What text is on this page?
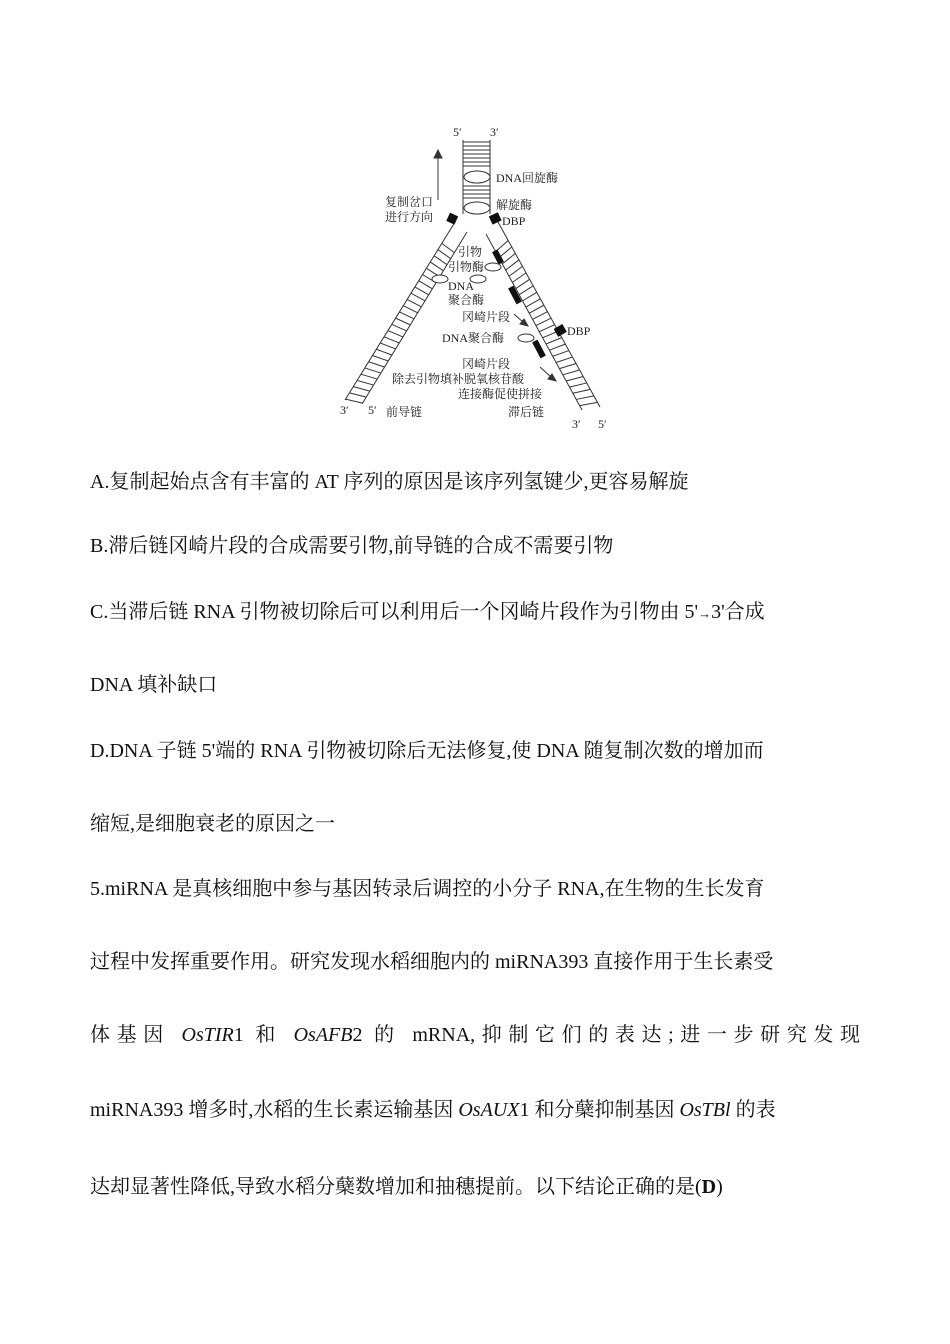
5′ 3′
DNA回旋酶
复制岔口
进行方向
解旋酶
DBP
引物
引物酶
DNA
聚合酶
冈崎片段
DBP
DNA聚合酶
冈崎片段
除去引物填补脱氧核苷酸
连接酶促使拼接
3′ 5′ 前导链	滞后链
3′ 5′
A.复制起始点含有丰富的 AT 序列的原因是该序列氢键少,更容易解旋
B.滞后链冈崎片段的合成需要引物,前导链的合成不需要引物
C.当滞后链 RNA 引物被切除后可以利用后一个冈崎片段作为引物由 5'→3'合成
DNA 填补缺口
D.DNA 子链 5'端的 RNA 引物被切除后无法修复,使 DNA 随复制次数的增加而
缩短,是细胞衰老的原因之一
5.miRNA 是真核细胞中参与基因转录后调控的小分子 RNA,在生物的生长发育
过程中发挥重要作用。研究发现水稻细胞内的 miRNA393 直接作用于生长素受
体基因 OsTIR1 和 OsAFB2 的 mRNA,抑制它们的表达;进一步研究发现
miRNA393 增多时,水稻的生长素运输基因 OsAUX1 和分蘖抑制基因 OsTBl 的表
达却显著性降低,导致水稻分蘖数增加和抽穗提前。以下结论正确的是(D)
